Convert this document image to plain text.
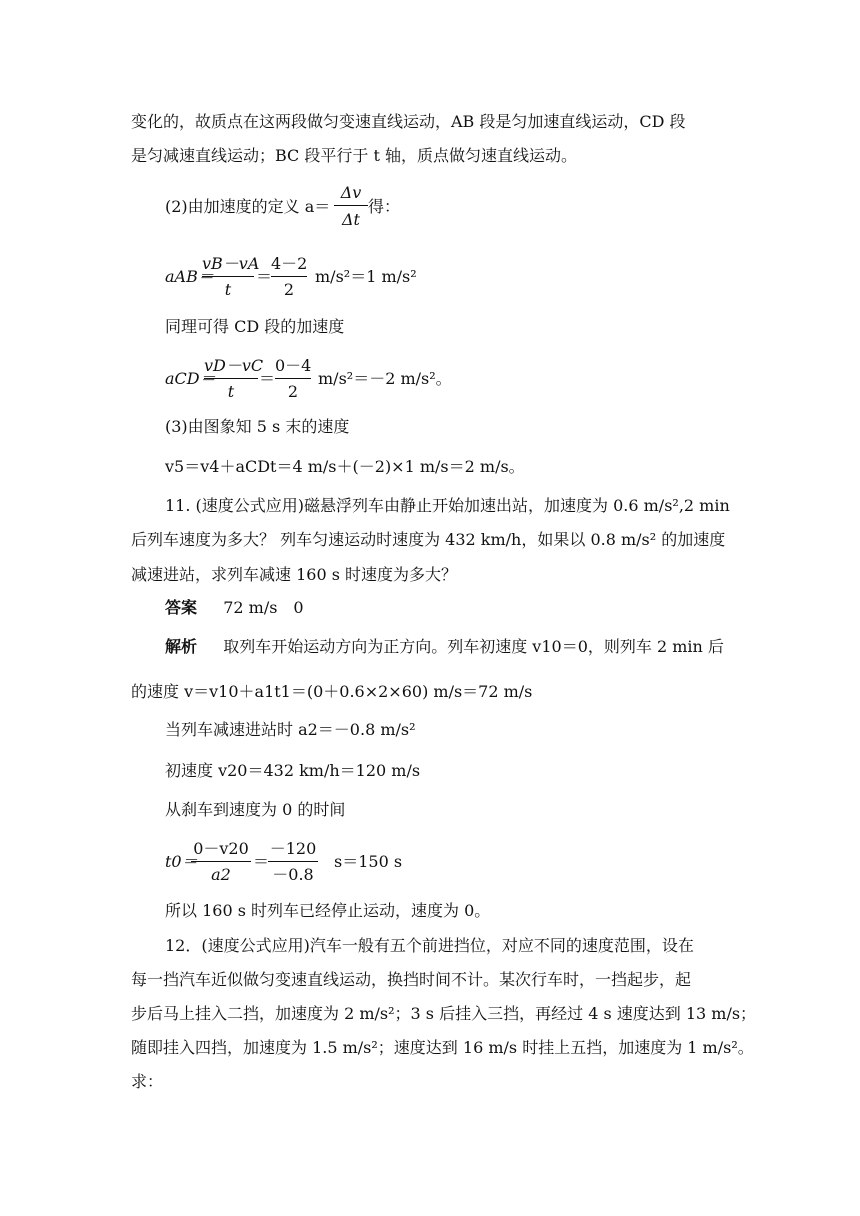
变化的，故质点在这两段做匀变速直线运动，AB 段是匀加速直线运动，CD 段
是匀减速直线运动；BC 段平行于 t 轴，质点做匀速直线运动。
(2)由加速度的定义 a＝
Δv
Δt
得：
aAB＝
vB－vA
t
＝
4－2
2
m/s²＝1 m/s²
同理可得 CD 段的加速度
aCD＝
vD－vC
t
＝
0－4
2
m/s²＝－2 m/s²。
(3)由图象知 5 s 末的速度
v5＝v4＋aCDt＝4 m/s＋(－2)×1 m/s＝2 m/s。
11. (速度公式应用)磁悬浮列车由静止开始加速出站，加速度为 0.6 m/s²,2 min
后列车速度为多大？ 列车匀速运动时速度为 432 km/h，如果以 0.8 m/s² 的加速度
减速进站，求列车减速 160 s 时速度为多大？
答案 72 m/s　0
解析 取列车开始运动方向为正方向。列车初速度 v10＝0，则列车 2 min 后
的速度 v＝v10＋a1t1＝(0＋0.6×2×60) m/s＝72 m/s
当列车减速进站时 a2＝－0.8 m/s²
初速度 v20＝432 km/h＝120 m/s
从刹车到速度为 0 的时间
t0＝
0－v20
a2
＝
－120
－0.8
s＝150 s
所以 160 s 时列车已经停止运动，速度为 0。
12．(速度公式应用)汽车一般有五个前进挡位，对应不同的速度范围，设在
每一挡汽车近似做匀变速直线运动，换挡时间不计。某次行车时，一挡起步，起
步后马上挂入二挡，加速度为 2 m/s²；3 s 后挂入三挡，再经过 4 s 速度达到 13 m/s；
随即挂入四挡，加速度为 1.5 m/s²；速度达到 16 m/s 时挂上五挡，加速度为 1 m/s²。
求：
